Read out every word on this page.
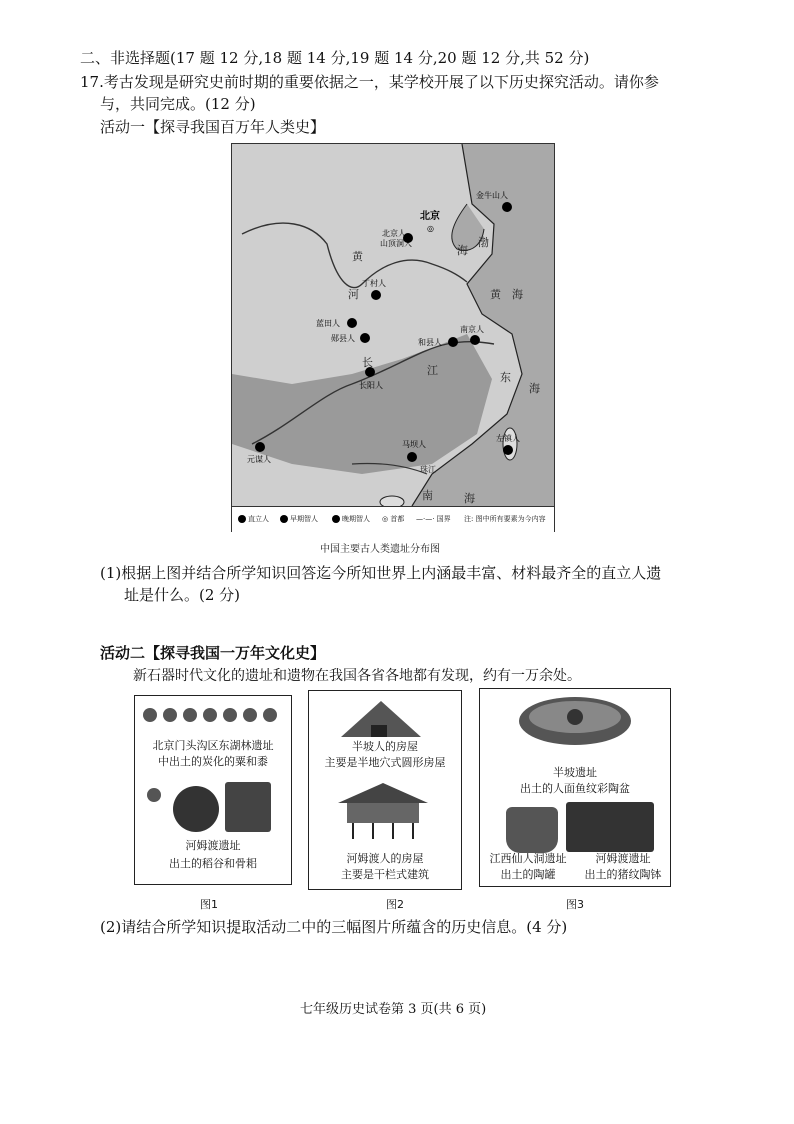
二、非选择题(17 题 12 分,18 题 14 分,19 题 14 分,20 题 12 分,共 52 分)
17.考古发现是研究史前时期的重要依据之一，某学校开展了以下历史探究活动。请你参
与，共同完成。(12 分)
活动一【探寻我国百万年人类史】
北京
◎
金牛山人
北京人
山顶洞人
丁村人
蓝田人
郧县人	和县人
南京人
长阳人
元谋人
马坝人
左镇人
黄
河
渤
海
黄　海
东
海
长
江
珠江
南	海
直立人	早期智人	晚期智人 ◎ 首都 —·—· 国界 注: 图中所有要素为今内容
中国主要古人类遗址分布图
(1)根据上图并结合所学知识回答迄今所知世界上内涵最丰富、材料最齐全的直立人遗
址是什么。(2 分)
活动二【探寻我国一万年文化史】
新石器时代文化的遗址和遗物在我国各省各地都有发现，约有一万余处。
北京门头沟区东湖林遗址
中出土的炭化的粟和黍
河姆渡遗址
出土的稻谷和骨耜
图1
半坡人的房屋
主要是半地穴式圆形房屋
河姆渡人的房屋
主要是干栏式建筑
图2
半坡遗址
出土的人面鱼纹彩陶盆
江西仙人洞遗址
出土的陶罐
河姆渡遗址
出土的猪纹陶钵
图3
(2)请结合所学知识提取活动二中的三幅图片所蕴含的历史信息。(4 分)
七年级历史试卷第 3 页(共 6 页)
